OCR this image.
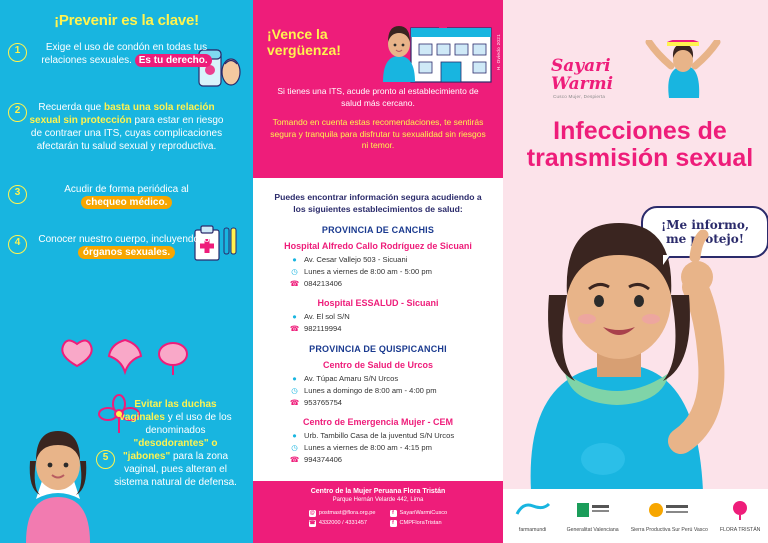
¡Prevenir es la clave!
1	Exige el uso de condón en todas tus relaciones sexuales. Es tu derecho.
2	Recuerda que basta una sola relación sexual sin protección para estar en riesgo de contraer una ITS, cuyas complicaciones afectarán tu salud sexual y reproductiva.
3	Acudir de forma periódica al chequeo médico.
4	Conocer nuestro cuerpo, incluyendo los órganos sexuales.
5
Evitar las duchas vaginales y el uso de los denominados "desodorantes" o "jabones" para la zona vaginal, pues alteran el sistema natural de defensa.
¡Vence la vergüenza!	H. Oviedo 2021
Si tienes una ITS, acude pronto al establecimiento de salud más cercano.
Tomando en cuenta estas recomendaciones, te sentirás segura y tranquila para disfrutar tu sexualidad sin riesgos ni temor.
Puedes encontrar información segura acudiendo a los siguientes establecimientos de salud:
PROVINCIA DE CANCHIS
Hospital Alfredo Callo Rodríguez de Sicuani
● Av. Cesar Vallejo 503 - Sicuani
◷ Lunes a viernes de 8:00 am - 5:00 pm
☎ 084213406
Hospital ESSALUD - Sicuani
● Av. El sol S/N
☎ 982119994
PROVINCIA DE QUISPICANCHI
Centro de Salud de Urcos
● Av. Túpac Amaru S/N Urcos
◷ Lunes a domingo de 8:00 am - 4:00 pm
☎ 953765754
Centro de Emergencia Mujer - CEM
● Urb. Tambillo Casa de la juventud S/N Urcos
◷ Lunes a viernes de 8:00 am - 4:15 pm
☎ 994374406
Centro de la Mujer Peruana Flora Tristán
Parque Hernán Velarde 442, Lima
@ postmast@flora.org.pe
☎ 4332000 / 4331457
f	SayariWarmiCusco
f	CMPFloraTristan
Sayari
Warmi
Cusco Mujer, Despierta
Infecciones de transmisión sexual
¡Me informo, me protejo!
farmamundi	Generalitat Valenciana Sierra Productiva Sur Perú Vasco FLORA TRISTÁN
